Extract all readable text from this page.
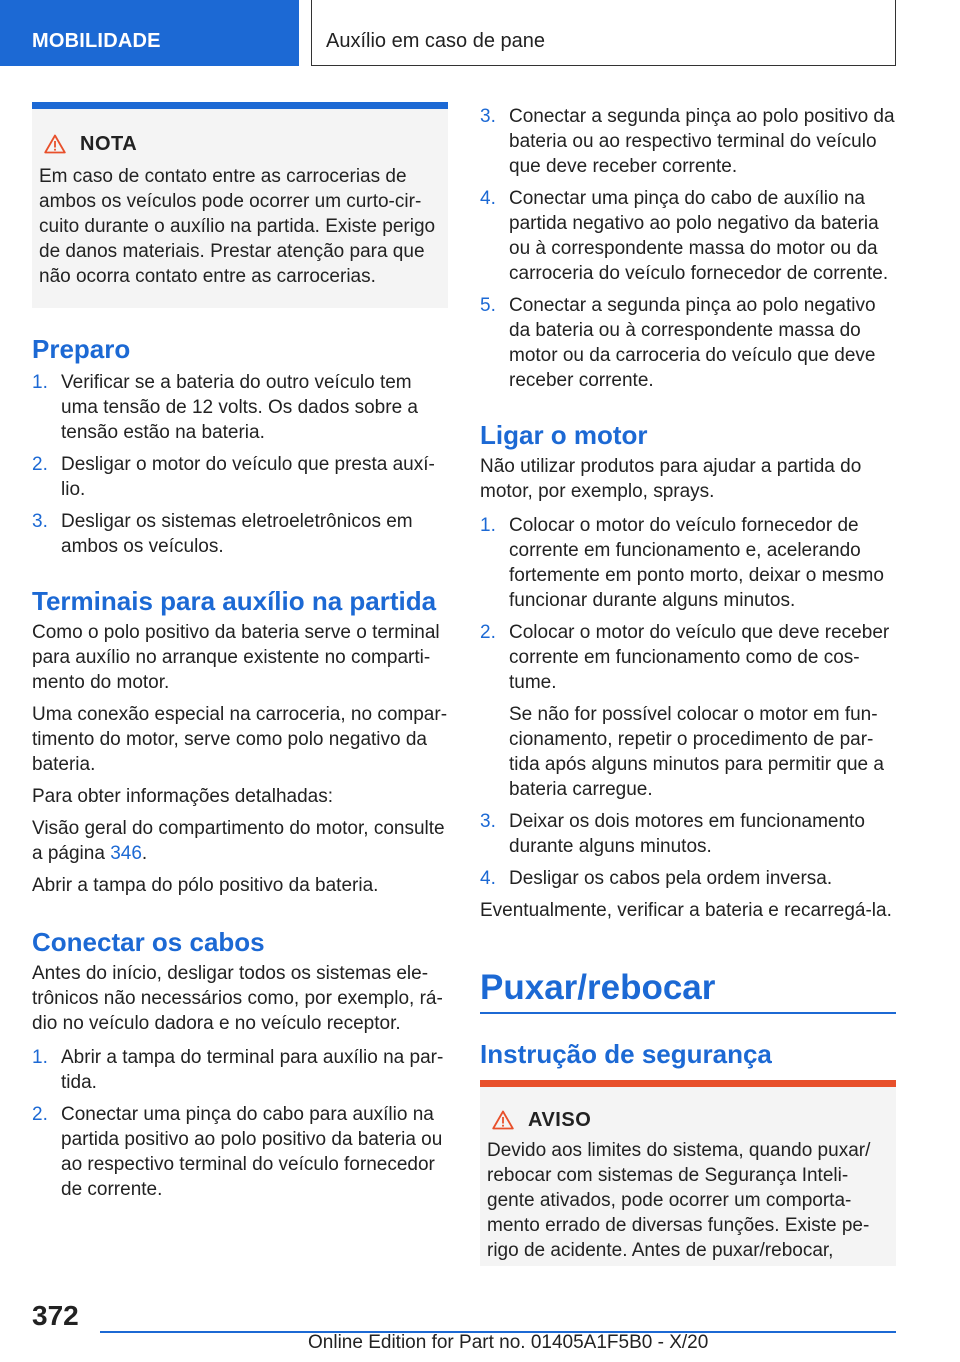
MOBILIDADE	Auxílio em caso de pane
NOTA
Em caso de contato entre as carrocerias de ambos os veículos pode ocorrer um curto-circuito durante o auxílio na partida. Existe perigo de danos materiais. Prestar atenção para que não ocorra contato entre as carrocerias.
Preparo
1. Verificar se a bateria do outro veículo tem uma tensão de 12 volts. Os dados sobre a tensão estão na bateria.
2. Desligar o motor do veículo que presta auxílio.
3. Desligar os sistemas eletroeletrônicos em ambos os veículos.
Terminais para auxílio na partida

Como o polo positivo da bateria serve o terminal para auxílio no arranque existente no compartimento do motor.

Uma conexão especial na carroceria, no compartimento do motor, serve como polo negativo da bateria.

Para obter informações detalhadas:

Visão geral do compartimento do motor, consulte a página 346.

Abrir a tampa do pólo positivo da bateria.

Conectar os cabos

Antes do início, desligar todos os sistemas eletrônicos não necessários como, por exemplo, rádio no veículo dadora e no veículo receptor.

1. Abrir a tampa do terminal para auxílio na partida.
2. Conectar uma pinça do cabo para auxílio na partida positivo ao polo positivo da bateria ou ao respectivo terminal do veículo fornecedor de corrente.
3. Conectar a segunda pinça ao polo positivo da bateria ou ao respectivo terminal do veículo que deve receber corrente.
4. Conectar uma pinça do cabo de auxílio na partida negativo ao polo negativo da bateria ou à correspondente massa do motor ou da carroceria do veículo fornecedor de corrente.
5. Conectar a segunda pinça ao polo negativo da bateria ou à correspondente massa do motor ou da carroceria do veículo que deve receber corrente.
Ligar o motor

Não utilizar produtos para ajudar a partida do motor, por exemplo, sprays.

1. Colocar o motor do veículo fornecedor de corrente em funcionamento e, acelerando fortemente em ponto morto, deixar o mesmo funcionar durante alguns minutos.
2. Colocar o motor do veículo que deve receber corrente em funcionamento como de costume.
Se não for possível colocar o motor em funcionamento, repetir o procedimento de partida após alguns minutos para permitir que a bateria carregue.
3. Deixar os dois motores em funcionamento durante alguns minutos.
4. Desligar os cabos pela ordem inversa.

Eventualmente, verificar a bateria e recarregá-la.

Puxar/rebocar
Instrução de segurança
AVISO
Devido aos limites do sistema, quando puxar/ rebocar com sistemas de Segurança Inteligente ativados, pode ocorrer um comportamento errado de diversas funções. Existe perigo de acidente. Antes de puxar/rebocar,
372
Online Edition for Part no. 01405A1F5B0 - X/20
